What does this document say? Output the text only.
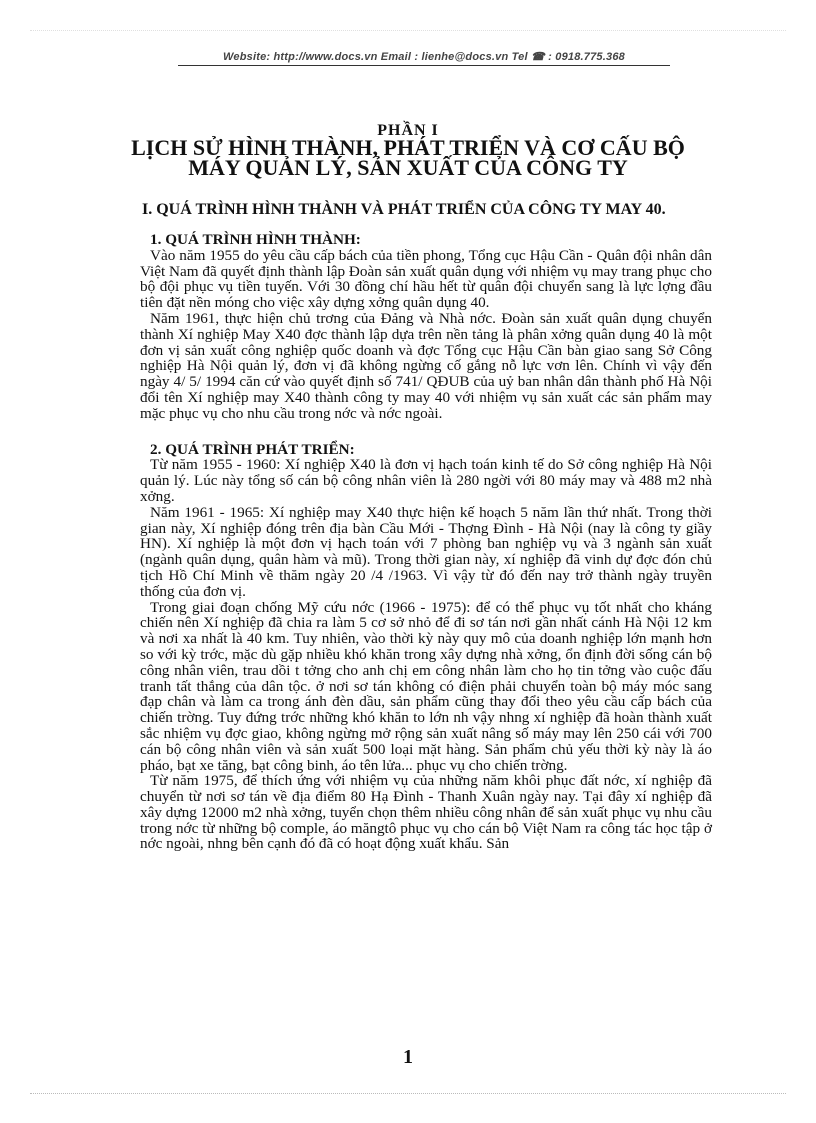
Website: http://www.docs.vn Email : lienhe@docs.vn Tel ☎ : 0918.775.368
PHẦN I
LỊCH SỬ HÌNH THÀNH, PHÁT TRIỂN VÀ CƠ CẤU BỘ MÁY QUẢN LÝ, SẢN XUẤT CỦA CÔNG TY
I. QUÁ TRÌNH HÌNH THÀNH VÀ PHÁT TRIỂN CỦA CÔNG TY MAY 40.
1. QUÁ TRÌNH HÌNH THÀNH:

Vào năm 1955 do yêu cầu cấp bách của tiền phong, Tổng cục Hậu Cần - Quân đội nhân dân Việt Nam đã quyết định thành lập Đoàn sản xuất quân dụng với nhiệm vụ may trang phục cho bộ đội phục vụ tiền tuyến. Với 30 đồng chí hầu hết từ quân đội chuyển sang là lực lợng đầu tiên đặt nền móng cho việc xây dựng xởng quân dụng 40.

Năm 1961, thực hiện chủ trơng của Đảng và Nhà nớc. Đoàn sản xuất quân dụng chuyển thành Xí nghiệp May X40 đợc thành lập dựa trên nền tảng là phân xởng quân dụng 40 là một đơn vị sản xuất công nghiệp quốc doanh và đợc Tổng cục Hậu Cần bàn giao sang Sở Công nghiệp Hà Nội quản lý, đơn vị đã không ngừng cố gắng nỗ lực vơn lên. Chính vì vậy đến ngày 4/ 5/ 1994 căn cứ vào quyết định số 741/ QĐUB của uỷ ban nhân dân thành phố Hà Nội đổi tên Xí nghiệp may X40 thành công ty may 40 với nhiệm vụ sản xuất các sản phẩm may mặc phục vụ cho nhu cầu trong nớc và nớc ngoài.

2. QUÁ TRÌNH PHÁT TRIỂN:

Từ năm 1955 - 1960: Xí nghiệp X40 là đơn vị hạch toán kinh tế do Sở công nghiệp Hà Nội quản lý. Lúc này tổng số cán bộ công nhân viên là 280 ngời với 80 máy may và 488 m2 nhà xởng.

Năm 1961 - 1965: Xí nghiệp may X40 thực hiện kế hoạch 5 năm lần thứ nhất. Trong thời gian này, Xí nghiệp đóng trên địa bàn Cầu Mới - Thợng Đình - Hà Nội (nay là công ty giầy HN). Xí nghiệp là một đơn vị hạch toán với 7 phòng ban nghiệp vụ và 3 ngành sản xuất (ngành quân dụng, quân hàm và mũ). Trong thời gian này, xí nghiệp đã vinh dự đợc đón chủ tịch Hồ Chí Minh về thăm ngày 20 /4 /1963. Vì vậy từ đó đến nay trở thành ngày truyền thống của đơn vị.

Trong giai đoạn chống Mỹ cứu nớc (1966 - 1975): để có thể phục vụ tốt nhất cho kháng chiến nên Xí nghiệp đã chia ra làm 5 cơ sở nhỏ để đi sơ tán nơi gần nhất cánh Hà Nội 12 km và nơi xa nhất là 40 km. Tuy nhiên, vào thời kỳ này quy mô của doanh nghiệp lớn mạnh hơn so với kỳ trớc, mặc dù gặp nhiều khó khăn trong xây dựng nhà xởng, ổn định đời sống cán bộ công nhân viên, trau dồi t tởng cho anh chị em công nhân làm cho họ tin tởng vào cuộc đấu tranh tất thắng của dân tộc. ở nơi sơ tán không có điện phải chuyển toàn bộ máy móc sang đạp chân và làm ca trong ánh đèn dầu, sản phẩm cũng thay đổi theo yêu cầu cấp bách của chiến trờng. Tuy đứng trớc những khó khăn to lớn nh vậy nhng xí nghiệp đã hoàn thành xuất sắc nhiệm vụ đợc giao, không ngừng mở rộng sản xuất nâng số máy may lên 250 cái với 700 cán bộ công nhân viên và sản xuất 500 loại mặt hàng. Sản phẩm chủ yếu thời kỳ này là áo pháo, bạt xe tăng, bạt công binh, áo tên lửa... phục vụ cho chiến trờng.

Từ năm 1975, để thích ứng với nhiệm vụ của những năm khôi phục đất nớc, xí nghiệp đã chuyển từ nơi sơ tán về địa điểm 80 Hạ Đình - Thanh Xuân ngày nay. Tại đây xí nghiệp đã xây dựng 12000 m2 nhà xởng, tuyển chọn thêm nhiều công nhân để sản xuất phục vụ nhu cầu trong nớc từ những bộ comple, áo măngtô phục vụ cho cán bộ Việt Nam ra công tác học tập ở nớc ngoài, nhng bên cạnh đó đã có hoạt động xuất khẩu. Sản

1
